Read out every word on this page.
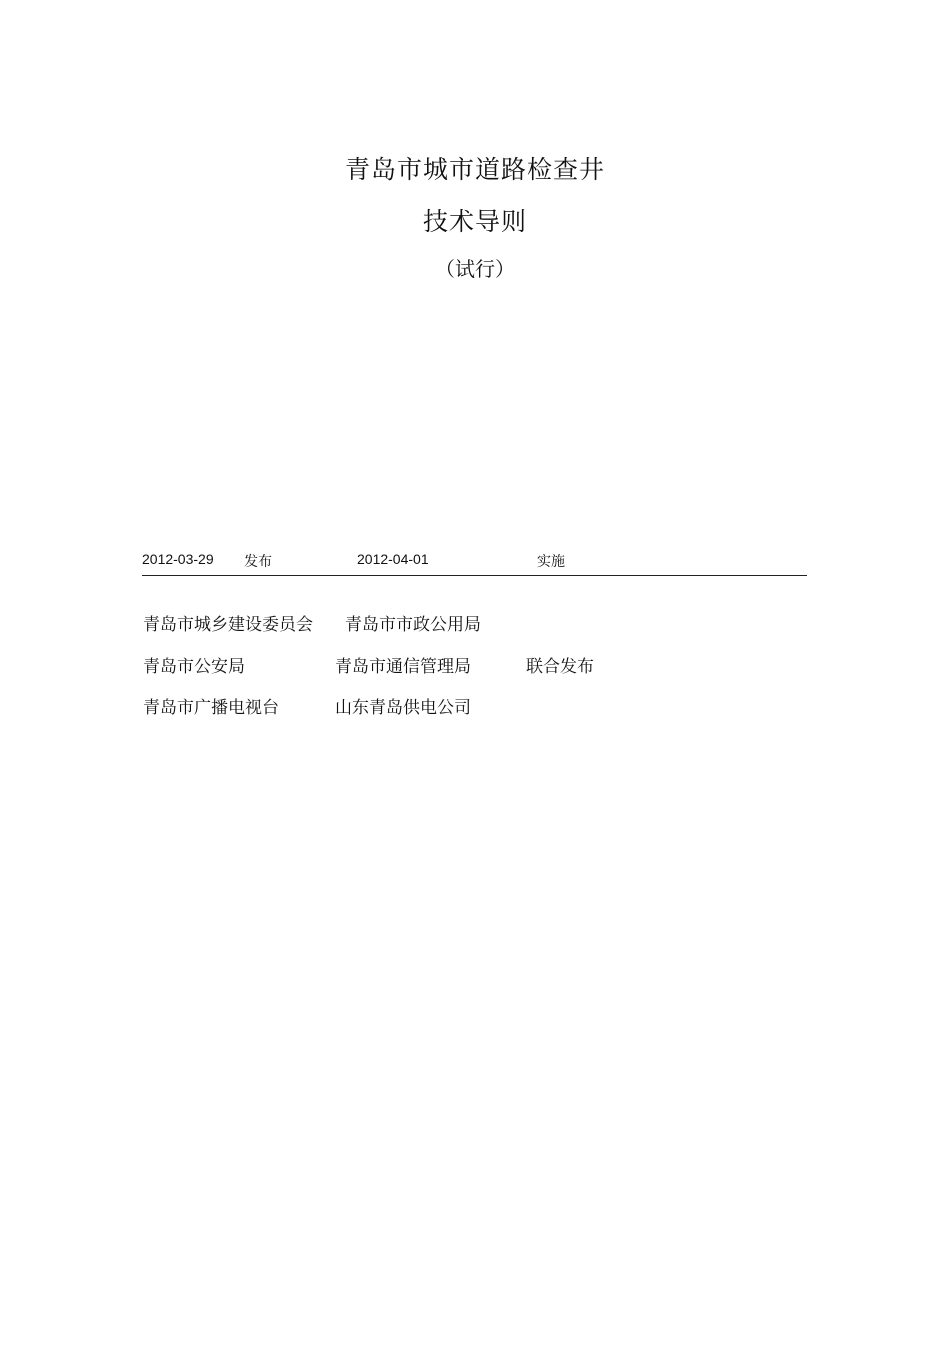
青岛市城市道路检查井
技术导则
（试行）
2012-03-29 发布	2012-04-01	实施
青岛市城乡建设委员会 青岛市市政公用局
青岛市公安局	青岛市通信管理局	联合发布
青岛市广播电视台	山东青岛供电公司
